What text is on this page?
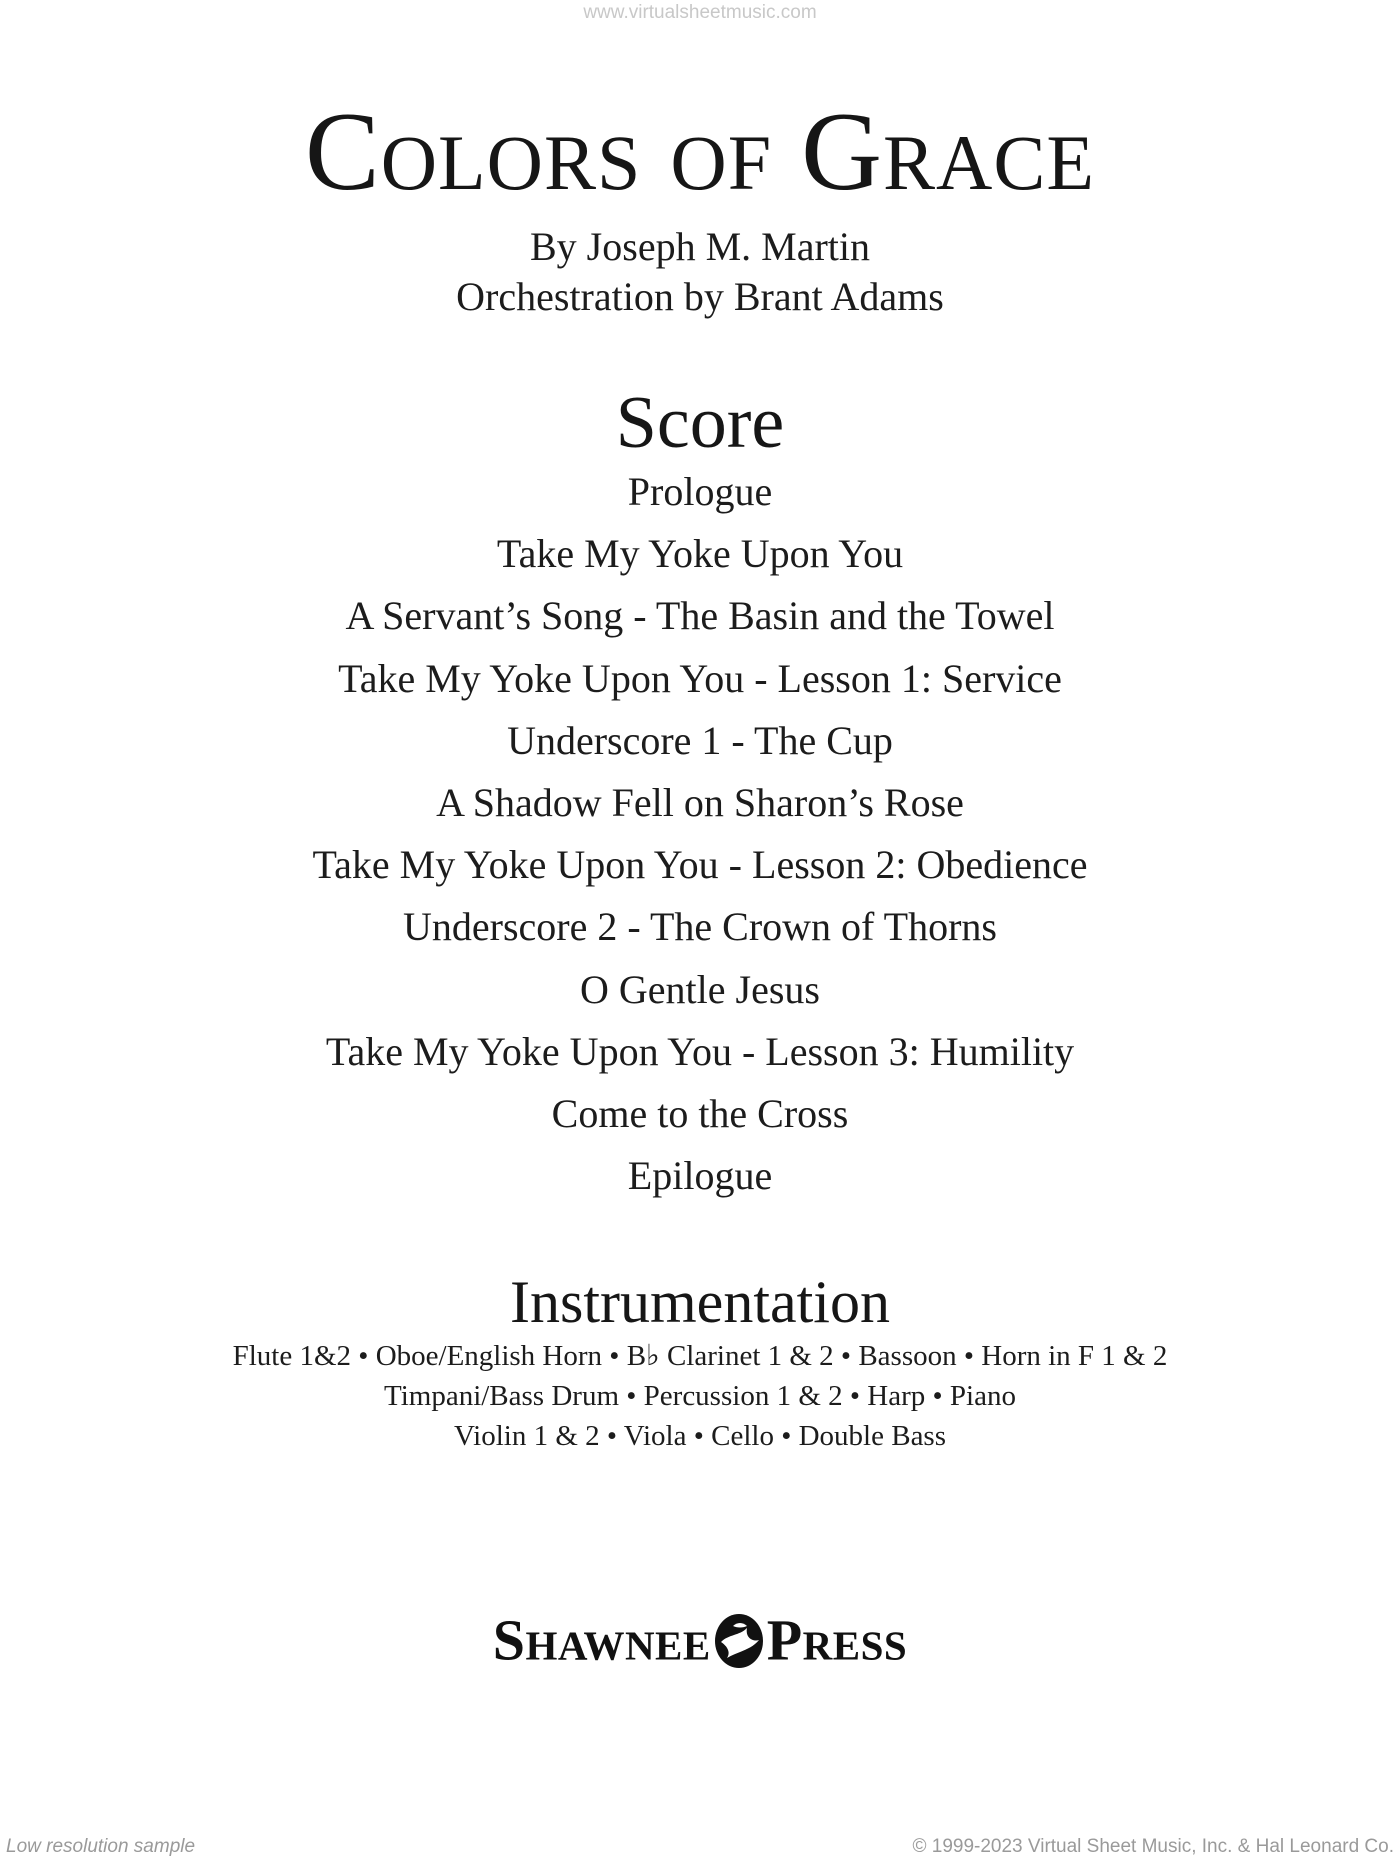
www.virtualsheetmusic.com
Colors of Grace
By Joseph M. Martin
Orchestration by Brant Adams
Score
Prologue
Take My Yoke Upon You
A Servant’s Song - The Basin and the Towel
Take My Yoke Upon You - Lesson 1: Service
Underscore 1 - The Cup
A Shadow Fell on Sharon’s Rose
Take My Yoke Upon You - Lesson 2: Obedience
Underscore 2 - The Crown of Thorns
O Gentle Jesus
Take My Yoke Upon You - Lesson 3: Humility
Come to the Cross
Epilogue
Instrumentation
Flute 1&2 • Oboe/English Horn • B♭ Clarinet 1 & 2 • Bassoon • Horn in F 1 & 2
Timpani/Bass Drum • Percussion 1 & 2 • Harp • Piano
Violin 1 & 2 • Viola • Cello • Double Bass
Shawnee Press
Low resolution sample	© 1999-2023 Virtual Sheet Music, Inc. & Hal Leonard Co.
